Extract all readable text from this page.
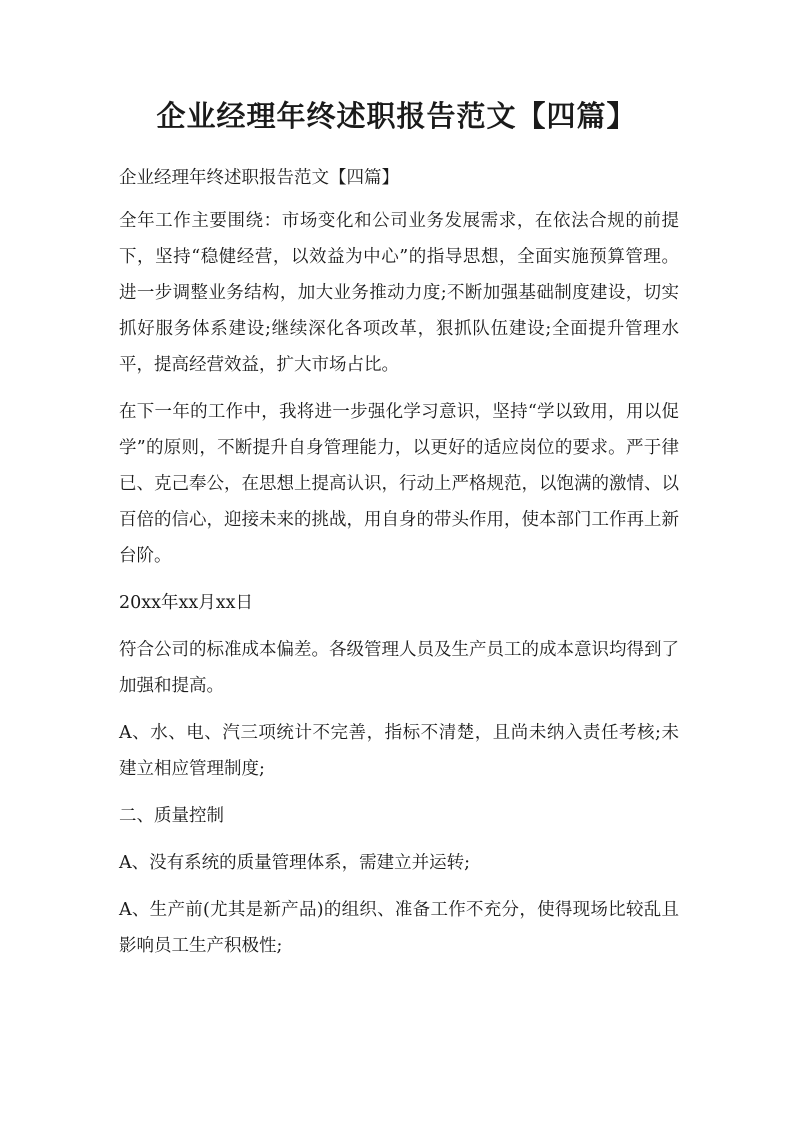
企业经理年终述职报告范文【四篇】

企业经理年终述职报告范文【四篇】

全年工作主要围绕：市场变化和公司业务发展需求，在依法合规的前提下，坚持“稳健经营，以效益为中心”的指导思想，全面实施预算管理。进一步调整业务结构，加大业务推动力度;不断加强基础制度建设，切实抓好服务体系建设;继续深化各项改革，狠抓队伍建设;全面提升管理水平，提高经营效益，扩大市场占比。

在下一年的工作中，我将进一步强化学习意识，坚持“学以致用，用以促学”的原则，不断提升自身管理能力，以更好的适应岗位的要求。严于律已、克己奉公，在思想上提高认识，行动上严格规范，以饱满的激情、以百倍的信心，迎接未来的挑战，用自身的带头作用，使本部门工作再上新台阶。

20xx年xx月xx日

符合公司的标准成本偏差。各级管理人员及生产员工的成本意识均得到了加强和提高。

A、水、电、汽三项统计不完善，指标不清楚，且尚未纳入责任考核;未建立相应管理制度;

二、质量控制

A、没有系统的质量管理体系，需建立并运转;

A、生产前(尤其是新产品)的组织、准备工作不充分，使得现场比较乱且影响员工生产积极性;
